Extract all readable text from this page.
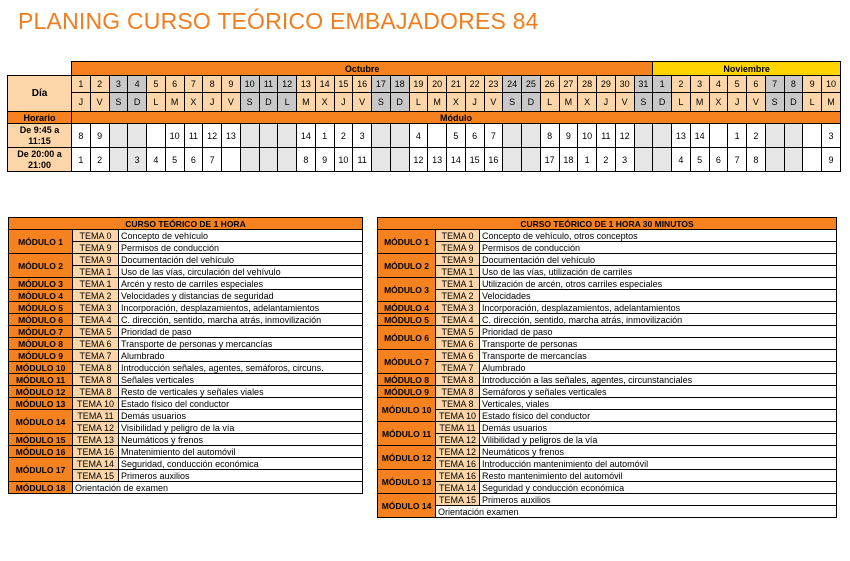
PLANING CURSO TEÓRICO EMBAJADORES 84
	Octubre																															Noviembre									
Día	1	2	3	4	5	6	7	8	9	10	11	12	13	14	15	16	17	18	19	20	21	22	23	24	25	26	27	28	29	30	31	1	2	3	4	5	6	7	8	9	10
	J	V	S	D	L	M	X	J	V	S	D	L	M	X	J	V	S	D	L	M	X	J	V	S	D	L	M	X	J	V	S	D	L	M	X	J	V	S	D	L	M
Horario	Módulo																																								
De 9:45 a 11:15	8	9				10	11	12	13				14	1	2	3			4		5	6	7			8	9	10	11	12			13	14		1	2				3
De 20:00 a 21:00	1	2		3	4	5	6	7					8	9	10	11			12	13	14	15	16			17	18	1	2	3			4	5	6	7	8				9
CURSO TEÓRICO DE 1 HORA		
MÓDULO 1	TEMA 0	Concepto de vehículo
	TEMA 9	Permisos de conducción
MÓDULO 2	TEMA 9	Documentación del vehículo
	TEMA 1	Uso de las vías, circulación del vehívulo
MÓDULO 3	TEMA 1	Arcén y resto de carriles especiales
MÓDULO 4	TEMA 2	Velocidades y distancias de seguridad
MÓDULO 5	TEMA 3	Incorporación, desplazamientos, adelantamientos
MÓDULO 6	TEMA 4	C. dirección, sentido, marcha atrás, inmovilización
MÓDULO 7	TEMA 5	Prioridad de paso
MÓDULO 8	TEMA 6	Transporte de personas y mercancías
MÓDULO 9	TEMA 7	Alumbrado
MÓDULO 10	TEMA 8	Introducción señales, agentes, semáforos, circuns.
MÓDULO 11	TEMA 8	Señales verticales
MÓDULO 12	TEMA 8	Resto de verticales y señales viales
MÓDULO 13	TEMA 10	Estado físico del conductor
MÓDULO 14	TEMA 11	Demás usuarios
	TEMA 12	Visibilidad y peligro de la vía
MÓDULO 15	TEMA 13	Neumáticos y frenos
MÓDULO 16	TEMA 16	Mnatenimiento del automóvil
MÓDULO 17	TEMA 14	Seguridad, conducción económica
	TEMA 15	Primeros auxilios
MÓDULO 18	Orientación de examen	
CURSO TEÓRICO DE 1 HORA 30 MINUTOS		
MÓDULO 1	TEMA 0	Concepto de vehículo, otros conceptos
	TEMA 9	Permisos de conducción
MÓDULO 2	TEMA 9	Documentación del vehículo
	TEMA 1	Uso de las vías, utilización de carriles
MÓDULO 3	TEMA 1	Utilización de arcén, otros carriles especiales
	TEMA 2	Velocidades
MÓDULO 4	TEMA 3	Incorporación, desplazamientos, adelantamientos
MÓDULO 5	TEMA 4	C. dirección, sentido, marcha atrás, inmovilización
MÓDULO 6	TEMA 5	Prioridad de paso
	TEMA 6	Transporte de personas
MÓDULO 7	TEMA 6	Transporte de mercancías
	TEMA 7	Alumbrado
MÓDULO 8	TEMA 8	Introducción a las señales, agentes, circunstanciales
MÓDULO 9	TEMA 8	Semáforos y señales verticales
MÓDULO 10	TEMA 8	Verticales, viales
	TEMA 10	Estado físico del conductor
MÓDULO 11	TEMA 11	Demás usuarios
	TEMA 12	Vilibilidad y peligros de la vía
MÓDULO 12	TEMA 12	Neumáticos y frenos
	TEMA 16	Introducción mantenimiento del automóvil
MÓDULO 13	TEMA 16	Resto mantenimiento del automóvil
	TEMA 14	Seguridad y conducción económica
MÓDULO 14	TEMA 15	Primeros auxilios
	Orientación examen	
